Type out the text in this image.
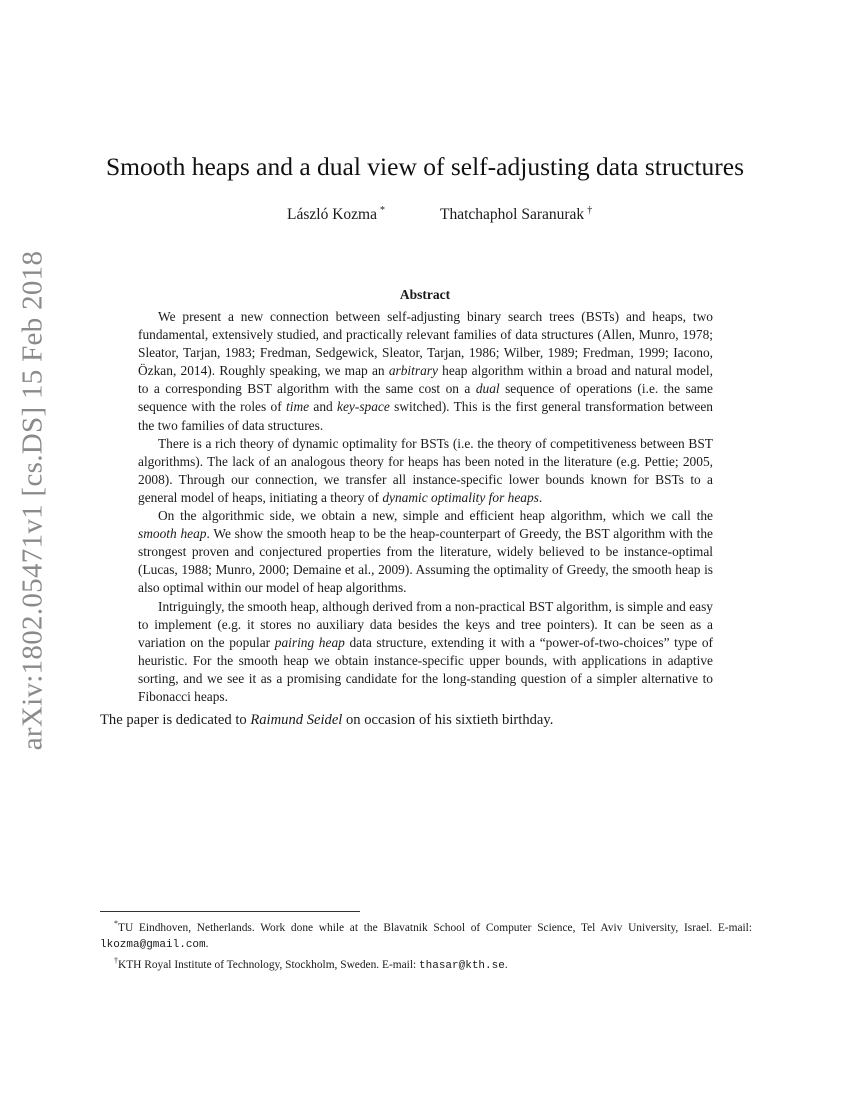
arXiv:1802.05471v1 [cs.DS] 15 Feb 2018
Smooth heaps and a dual view of self-adjusting data structures
László Kozma *	Thatchaphol Saranurak †
Abstract

We present a new connection between self-adjusting binary search trees (BSTs) and heaps, two fundamental, extensively studied, and practically relevant families of data structures (Allen, Munro, 1978; Sleator, Tarjan, 1983; Fredman, Sedgewick, Sleator, Tarjan, 1986; Wilber, 1989; Fredman, 1999; Iacono, Özkan, 2014). Roughly speaking, we map an arbitrary heap algorithm within a broad and natural model, to a corresponding BST algorithm with the same cost on a dual sequence of operations (i.e. the same sequence with the roles of time and key-space switched). This is the first general transformation between the two families of data structures.

There is a rich theory of dynamic optimality for BSTs (i.e. the theory of competitiveness between BST algorithms). The lack of an analogous theory for heaps has been noted in the literature (e.g. Pettie; 2005, 2008). Through our connection, we transfer all instance-specific lower bounds known for BSTs to a general model of heaps, initiating a theory of dynamic optimality for heaps.

On the algorithmic side, we obtain a new, simple and efficient heap algorithm, which we call the smooth heap. We show the smooth heap to be the heap-counterpart of Greedy, the BST algorithm with the strongest proven and conjectured properties from the literature, widely believed to be instance-optimal (Lucas, 1988; Munro, 2000; Demaine et al., 2009). Assuming the optimality of Greedy, the smooth heap is also optimal within our model of heap algorithms.

Intriguingly, the smooth heap, although derived from a non-practical BST algorithm, is simple and easy to implement (e.g. it stores no auxiliary data besides the keys and tree pointers). It can be seen as a variation on the popular pairing heap data structure, extending it with a “power-of-two-choices” type of heuristic. For the smooth heap we obtain instance-specific upper bounds, with applications in adaptive sorting, and we see it as a promising candidate for the long-standing question of a simpler alternative to Fibonacci heaps.

The paper is dedicated to Raimund Seidel on occasion of his sixtieth birthday.

*TU Eindhoven, Netherlands. Work done while at the Blavatnik School of Computer Science, Tel Aviv University, Israel. E-mail: lkozma@gmail.com.

†KTH Royal Institute of Technology, Stockholm, Sweden. E-mail: thasar@kth.se.
